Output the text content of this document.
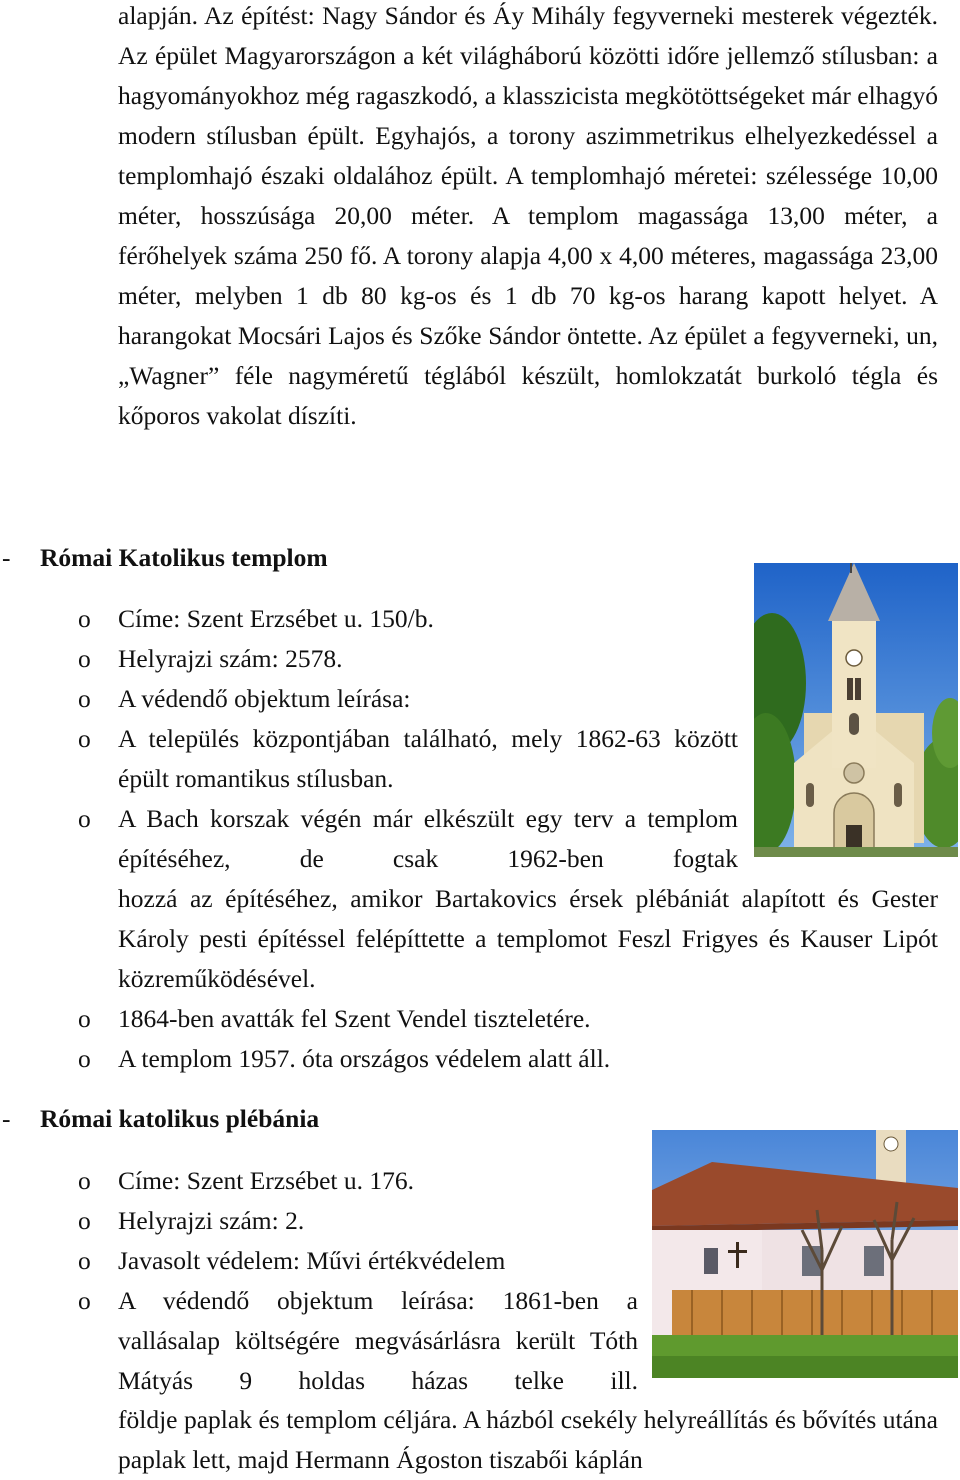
alapján. Az építést: Nagy Sándor és Áy Mihály fegyverneki mesterek végezték. Az épület Magyarországon a két világháború közötti időre jellemző stílusban: a hagyományokhoz még ragaszkodó, a klasszicista megkötöttségeket már elhagyó modern stílusban épült. Egyhajós, a torony aszimmetrikus elhelyezkedéssel a templomhajó északi oldalához épült. A templomhajó méretei: szélessége 10,00 méter, hosszúsága 20,00 méter. A templom magassága 13,00 méter, a férőhelyek száma 250 fő. A torony alapja 4,00 x 4,00 méteres, magassága 23,00 méter, melyben 1 db 80 kg-os és 1 db 70 kg-os harang kapott helyet. A harangokat Mocsári Lajos és Szőke Sándor öntette. Az épület a fegyverneki, un, „Wagner” féle nagyméretű téglából készült, homlokzatát burkoló tégla és kőporos vakolat díszíti.

- Római Katolikus templom
o	Címe: Szent Erzsébet u. 150/b.
o	Helyrajzi szám: 2578.
o	A védendő objektum leírása:
o	A település központjában található, mely 1862-63 között épült romantikus stílusban.
o	A Bach korszak végén már elkészült egy terv a templom építéséhez, de csak 1962-ben fogtak

hozzá az építéséhez, amikor Bartakovics érsek plébániát alapított és Gester Károly pesti építéssel felépíttette a templomot Feszl Frigyes és Kauser Lipót közreműködésével.

o	1864-ben avatták fel Szent Vendel tiszteletére.
o	A templom 1957. óta országos védelem alatt áll.
- Római katolikus plébánia
o	Címe: Szent Erzsébet u. 176.
o	Helyrajzi szám: 2.
o	Javasolt védelem: Művi értékvédelem
o	A védendő objektum leírása: 1861-ben a vallásalap költségére megvásárlásra került Tóth Mátyás 9 holdas házas telke ill.

földje paplak és templom céljára. A házból csekély helyreállítás és bővítés utána paplak lett, majd Hermann Ágoston tiszabői káplán
